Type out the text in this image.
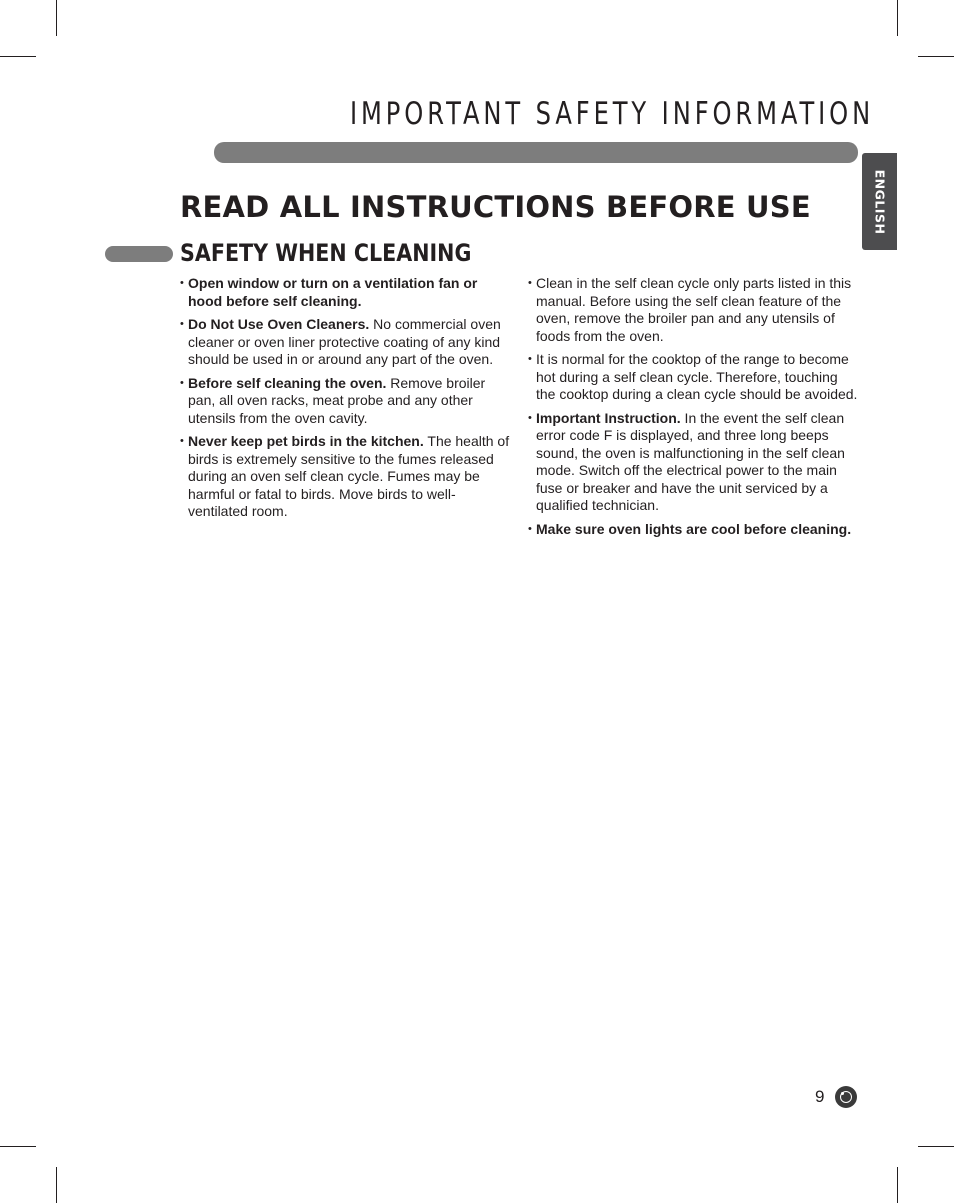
IMPORTANT SAFETY INFORMATION
ENGLISH
READ ALL INSTRUCTIONS BEFORE USE
SAFETY WHEN CLEANING
• Open window or turn on a ventilation fan or hood before self cleaning.
• Do Not Use Oven Cleaners. No commercial oven cleaner or oven liner protective coating of any kind should be used in or around any part of the oven.
• Before self cleaning the oven. Remove broiler pan, all oven racks, meat probe and any other utensils from the oven cavity.
• Never keep pet birds in the kitchen. The health of birds is extremely sensitive to the fumes released during an oven self clean cycle. Fumes may be harmful or fatal to birds. Move birds to well-ventilated room.
• Clean in the self clean cycle only parts listed in this manual. Before using the self clean feature of the oven, remove the broiler pan and any utensils of foods from the oven.
• It is normal for the cooktop of the range to become hot during a self clean cycle. Therefore, touching the cooktop during a clean cycle should be avoided.
• Important Instruction. In the event the self clean error code F is displayed, and three long beeps sound, the oven is malfunctioning in the self clean mode. Switch off the electrical power to the main fuse or breaker and have the unit serviced by a qualified technician.
• Make sure oven lights are cool before cleaning.
9
